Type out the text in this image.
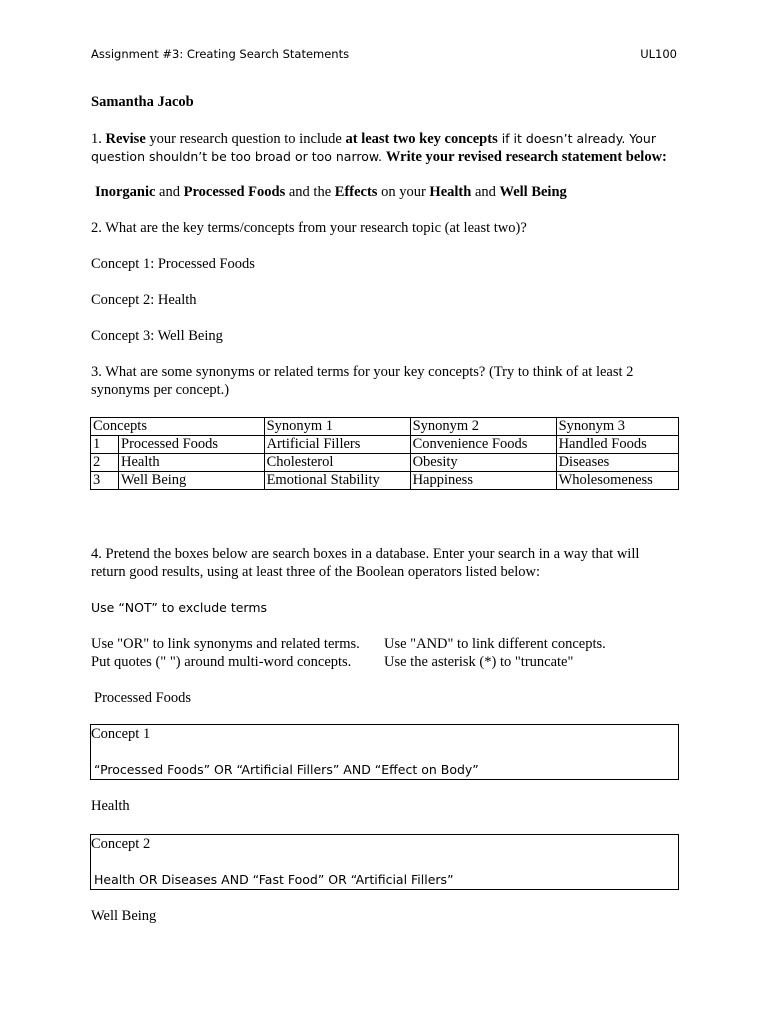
Assignment #3: Creating Search Statements	UL100
Samantha Jacob
1. Revise your research question to include at least two key concepts if it doesn’t already. Your
question shouldn’t be too broad or too narrow. Write your revised research statement below:
Inorganic and Processed Foods and the Effects on your Health and Well Being
2. What are the key terms/concepts from your research topic (at least two)?
Concept 1: Processed Foods
Concept 2: Health
Concept 3: Well Being
3. What are some synonyms or related terms for your key concepts? (Try to think of at least 2
synonyms per concept.)
Concepts		Synonym 1	Synonym 2	Synonym 3
1	Processed Foods	Artificial Fillers	Convenience Foods	Handled Foods
2	Health	Cholesterol	Obesity	Diseases
3	Well Being	Emotional Stability	Happiness	Wholesomeness
4. Pretend the boxes below are search boxes in a database. Enter your search in a way that will
return good results, using at least three of the Boolean operators listed below:
Use “NOT” to exclude terms
Use "OR" to link synonyms and related terms. Use "AND" to link different concepts.
Put quotes (" ") around multi-word concepts. Use the asterisk (*) to "truncate"
Processed Foods
Concept 1
“Processed Foods” OR “Artificial Fillers” AND “Effect on Body”
Health
Concept 2
Health OR Diseases AND “Fast Food” OR “Artificial Fillers”
Well Being
